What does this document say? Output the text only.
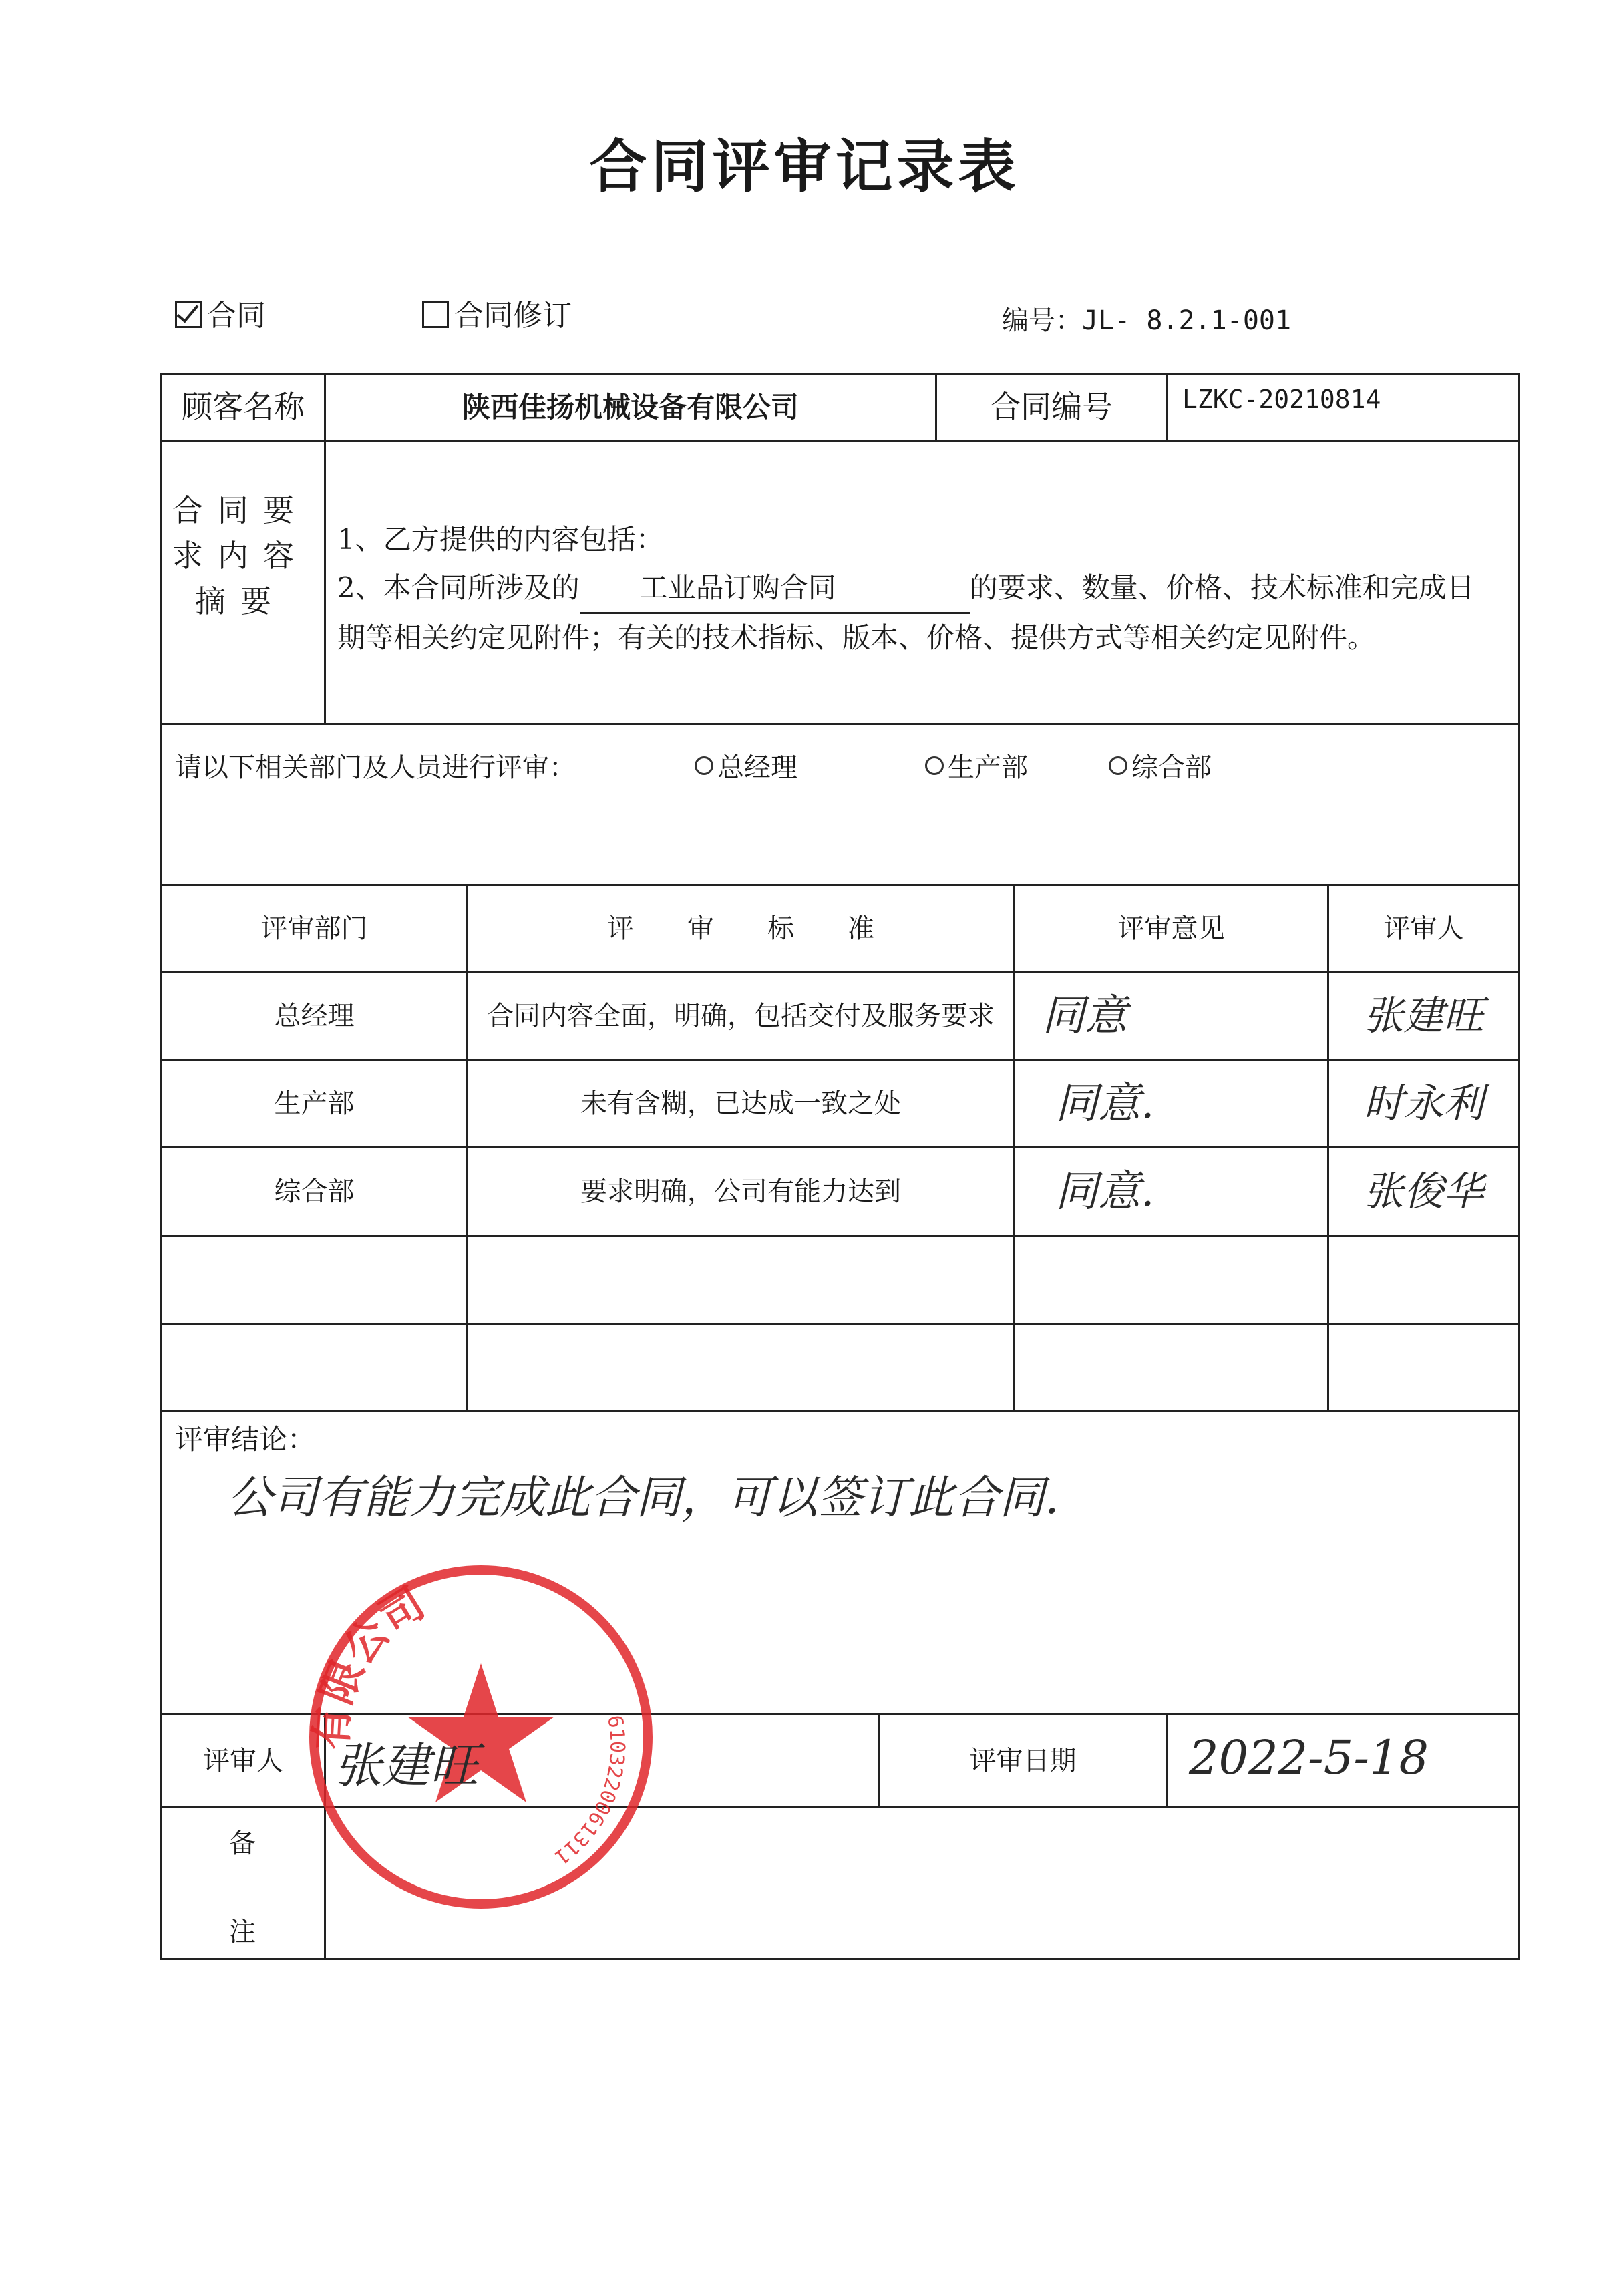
合同评审记录表
合同	合同修订	编号：JL- 8.2.1-001
顾客名称	陕西佳扬机械设备有限公司	合同编号	LZKC-20210814
合同要求内容摘要
1、乙方提供的内容包括：
2、本合同所涉及的 工业品订购合同	的要求、数量、价格、技术标准和完成日
期等相关约定见附件；有关的技术指标、版本、价格、提供方式等相关约定见附件。
请以下相关部门及人员进行评审：	总经理	生产部	综合部
评审部门	评　　审　　标　　准	评审意见	评审人
总经理	合同内容全面，明确，包括交付及服务要求	同意	张建旺
生产部	未有含糊，已达成一致之处	同意.	时永利
综合部	要求明确，公司有能力达到	同意.	张俊华
评审结论：
公司有能力完成此合同，可以签订此合同.
有限公司
6103220061311
评审人	张建旺	评审日期	2022-5-18
备
注
